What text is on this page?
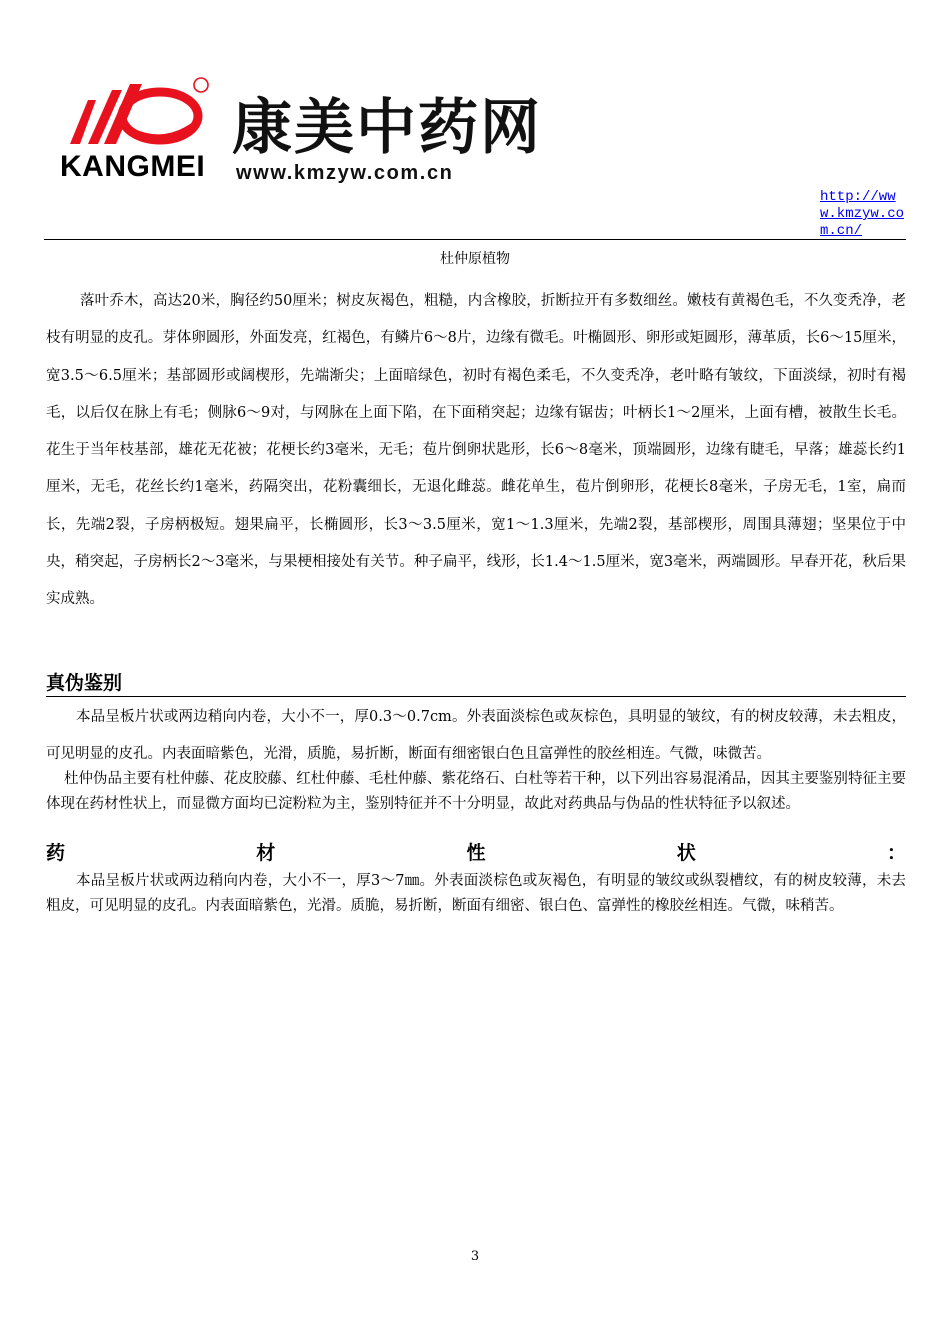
KANGMEI
康美中药网
www.kmzyw.com.cn
http://www.kmzyw.com.cn/
杜仲原植物

落叶乔木，高达20米，胸径约50厘米；树皮灰褐色，粗糙，内含橡胶，折断拉开有多数细丝。嫩枝有黄褐色毛，不久变秃净，老枝有明显的皮孔。芽体卵圆形，外面发亮，红褐色，有鳞片6～8片，边缘有微毛。叶椭圆形、卵形或矩圆形，薄革质，长6～15厘米，宽3.5～6.5厘米；基部圆形或阔楔形，先端渐尖；上面暗绿色，初时有褐色柔毛，不久变秃净，老叶略有皱纹，下面淡绿，初时有褐毛，以后仅在脉上有毛；侧脉6～9对，与网脉在上面下陷，在下面稍突起；边缘有锯齿；叶柄长1～2厘米，上面有槽，被散生长毛。花生于当年枝基部，雄花无花被；花梗长约3毫米，无毛；苞片倒卵状匙形，长6～8毫米，顶端圆形，边缘有睫毛，早落；雄蕊长约1厘米，无毛，花丝长约1毫米，药隔突出，花粉囊细长，无退化雌蕊。雌花单生，苞片倒卵形，花梗长8毫米，子房无毛，1室，扁而长，先端2裂，子房柄极短。翅果扁平，长椭圆形，长3～3.5厘米，宽1～1.3厘米，先端2裂，基部楔形，周围具薄翅；坚果位于中央，稍突起，子房柄长2～3毫米，与果梗相接处有关节。种子扁平，线形，长1.4～1.5厘米，宽3毫米，两端圆形。早春开花，秋后果实成熟。

真伪鉴别

本品呈板片状或两边稍向内卷，大小不一，厚0.3～0.7cm。外表面淡棕色或灰棕色，具明显的皱纹，有的树皮较薄，未去粗皮，可见明显的皮孔。内表面暗紫色，光滑，质脆，易折断，断面有细密银白色且富弹性的胶丝相连。气微，味微苦。

杜仲伪品主要有杜仲藤、花皮胶藤、红杜仲藤、毛杜仲藤、紫花络石、白杜等若干种，以下列出容易混淆品，因其主要鉴别特征主要体现在药材性状上，而显微方面均已淀粉粒为主，鉴别特征并不十分明显，故此对药典品与伪品的性状特征予以叙述。

药	材	性	状	：

本品呈板片状或两边稍向内卷，大小不一，厚3～7㎜。外表面淡棕色或灰褐色，有明显的皱纹或纵裂槽纹，有的树皮较薄，未去粗皮，可见明显的皮孔。内表面暗紫色，光滑。质脆，易折断，断面有细密、银白色、富弹性的橡胶丝相连。气微，味稍苦。

3
